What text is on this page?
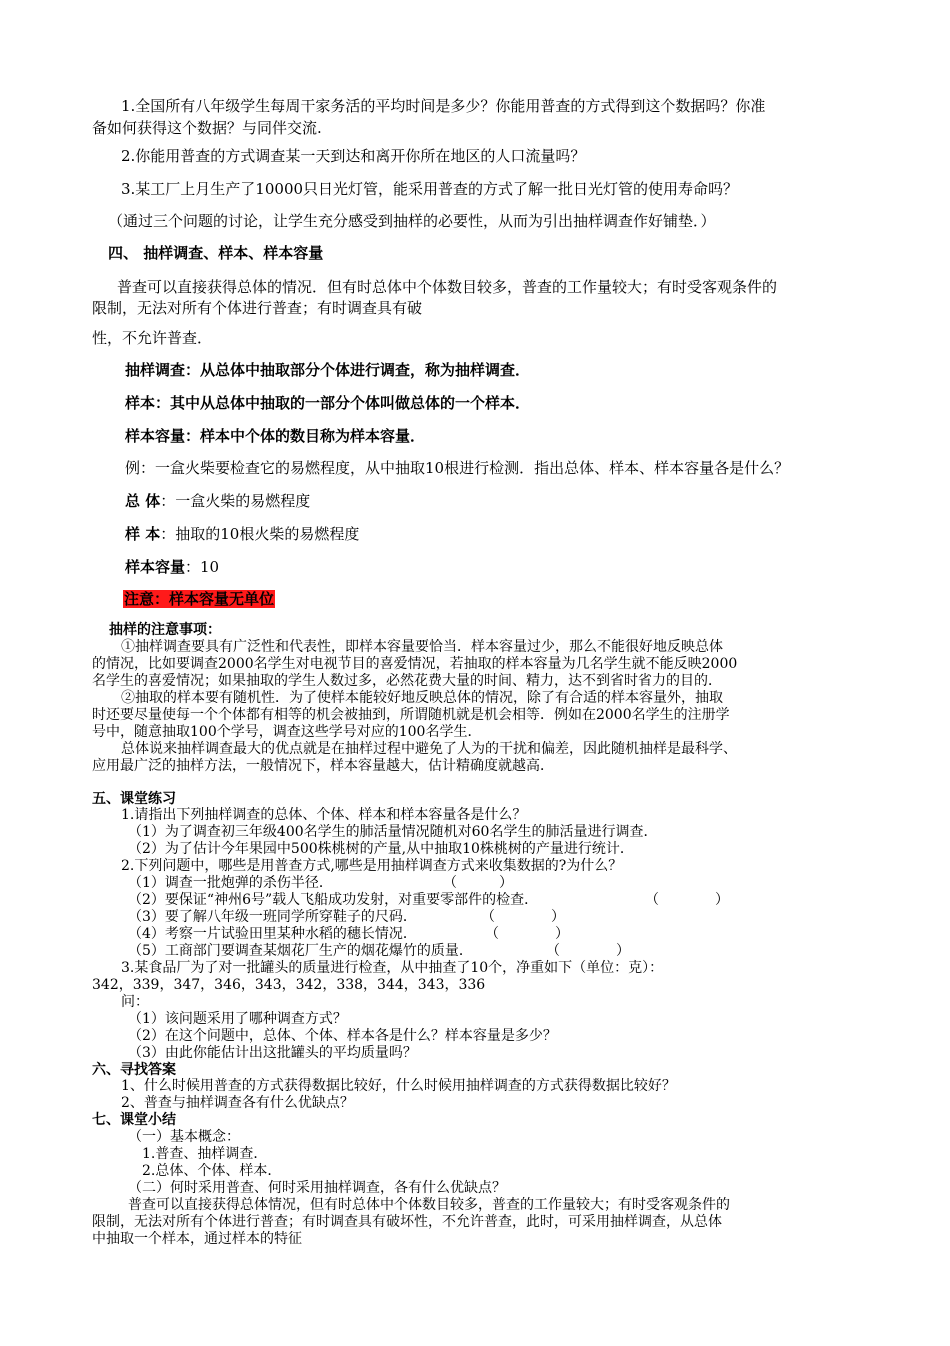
1.全国所有八年级学生每周干家务活的平均时间是多少？你能用普查的方式得到这个数据吗？你准

备如何获得这个数据？与同伴交流.

2.你能用普查的方式调查某一天到达和离开你所在地区的人口流量吗？

3.某工厂上月生产了10000只日光灯管，能采用普查的方式了解一批日光灯管的使用寿命吗？

（通过三个问题的讨论，让学生充分感受到抽样的必要性，从而为引出抽样调查作好铺垫．）

四、 抽样调查、样本、样本容量

普查可以直接获得总体的情况．但有时总体中个体数目较多，普查的工作量较大；有时受客观条件的

限制，无法对所有个体进行普查；有时调查具有破

性，不允许普查．

抽样调查：从总体中抽取部分个体进行调查，称为抽样调查．

样本：其中从总体中抽取的一部分个体叫做总体的一个样本．

样本容量：样本中个体的数目称为样本容量．

例：一盒火柴要检查它的易燃程度，从中抽取10根进行检测．指出总体、样本、样本容量各是什么？

总 体：一盒火柴的易燃程度

样 本：抽取的10根火柴的易燃程度

样本容量：10

注意：样本容量无单位

抽样的注意事项：

①抽样调查要具有广泛性和代表性，即样本容量要恰当．样本容量过少，那么不能很好地反映总体

的情况，比如要调查2000名学生对电视节目的喜爱情况，若抽取的样本容量为几名学生就不能反映2000

名学生的喜爱情况；如果抽取的学生人数过多，必然花费大量的时间、精力，达不到省时省力的目的．

②抽取的样本要有随机性．为了使样本能较好地反映总体的情况，除了有合适的样本容量外，抽取

时还要尽量使每一个个体都有相等的机会被抽到，所谓随机就是机会相等．例如在2000名学生的注册学

号中，随意抽取100个学号，调查这些学号对应的100名学生．

总体说来抽样调查最大的优点就是在抽样过程中避免了人为的干扰和偏差，因此随机抽样是最科学、

应用最广泛的抽样方法，一般情况下，样本容量越大，估计精确度就越高．

五、课堂练习

1.请指出下列抽样调查的总体、个体、样本和样本容量各是什么？

（1）为了调查初三年级400名学生的肺活量情况随机对60名学生的肺活量进行调查．

（2）为了估计今年果园中500株桃树的产量,从中抽取10株桃树的产量进行统计．

2.下列问题中，哪些是用普查方式,哪些是用抽样调查方式来收集数据的?为什么？

（1）调查一批炮弹的杀伤半径．	（　　　）

（2）要保证“神州6号”载人飞船成功发射，对重要零部件的检查．	（　　　　）

（3）要了解八年级一班同学所穿鞋子的尺码．	（　　　　）

（4）考察一片试验田里某种水稻的穗长情况．	（　　　　）

（5）工商部门要调查某烟花厂生产的烟花爆竹的质量．	（　　　　）

3.某食品厂为了对一批罐头的质量进行检查，从中抽查了10个，净重如下（单位：克）：

342，339，347，346，343，342，338，344，343，336

问：

（1）该问题采用了哪种调查方式？

（2）在这个问题中，总体、个体、样本各是什么？样本容量是多少？

（3）由此你能估计出这批罐头的平均质量吗？

六、寻找答案

1、什么时候用普查的方式获得数据比较好，什么时候用抽样调查的方式获得数据比较好？

2、普查与抽样调查各有什么优缺点？

七、课堂小结

（一）基本概念：

1.普查、抽样调查．

2.总体、个体、样本．

（二）何时采用普查、何时采用抽样调查，各有什么优缺点？

普查可以直接获得总体情况，但有时总体中个体数目较多，普查的工作量较大；有时受客观条件的

限制，无法对所有个体进行普查；有时调查具有破坏性，不允许普查，此时，可采用抽样调查，从总体

中抽取一个样本，通过样本的特征
